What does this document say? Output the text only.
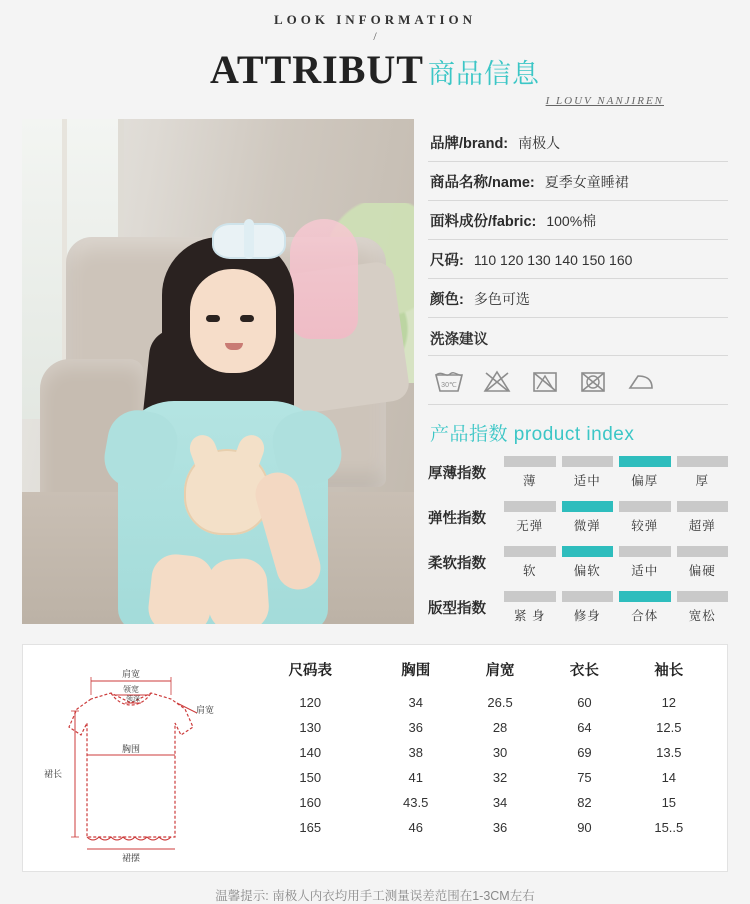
LOOK INFORMATION
/
ATTRIBUT 商品信息
I LOUV NANJIREN
品牌/brand: 南极人
商品名称/name: 夏季女童睡裙
面料成份/fabric: 100%棉
尺码: 110 120 130 140 150 160
颜色: 多色可选
洗涤建议
30℃
产品指数 product index
厚薄指数	薄	适中	偏厚	厚
弹性指数	无弹	微弹	较弹	超弹
柔软指数	软	偏软	适中	偏硬
版型指数	紧 身	修身	合体	宽松
肩宽
领宽
领深
肩宽
胸围
裙长
裙摆
尺码表	胸围	肩宽	衣长	袖长
120	34	26.5	60	12
130	36	28	64	12.5
140	38	30	69	13.5
150	41	32	75	14
160	43.5	34	82	15
165	46	36	90	15..5
温馨提示: 南极人内衣均用手工测量误差范围在1-3CM左右
